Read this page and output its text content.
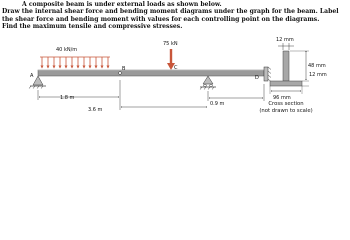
A composite beam is under external loads as shown below.
Draw the internal shear force and bending moment diagrams under the graph for the beam. Label
the shear force and bending moment with values for each controlling point on the diagrams.
Find the maximum tensile and compressive stresses.
40 kN/m
75 kN
A
B	C
D
1.8 m
0.9 m
3.6 m
12 mm
48 mm
12 mm
96 mm
Cross section
(not drawn to scale)
